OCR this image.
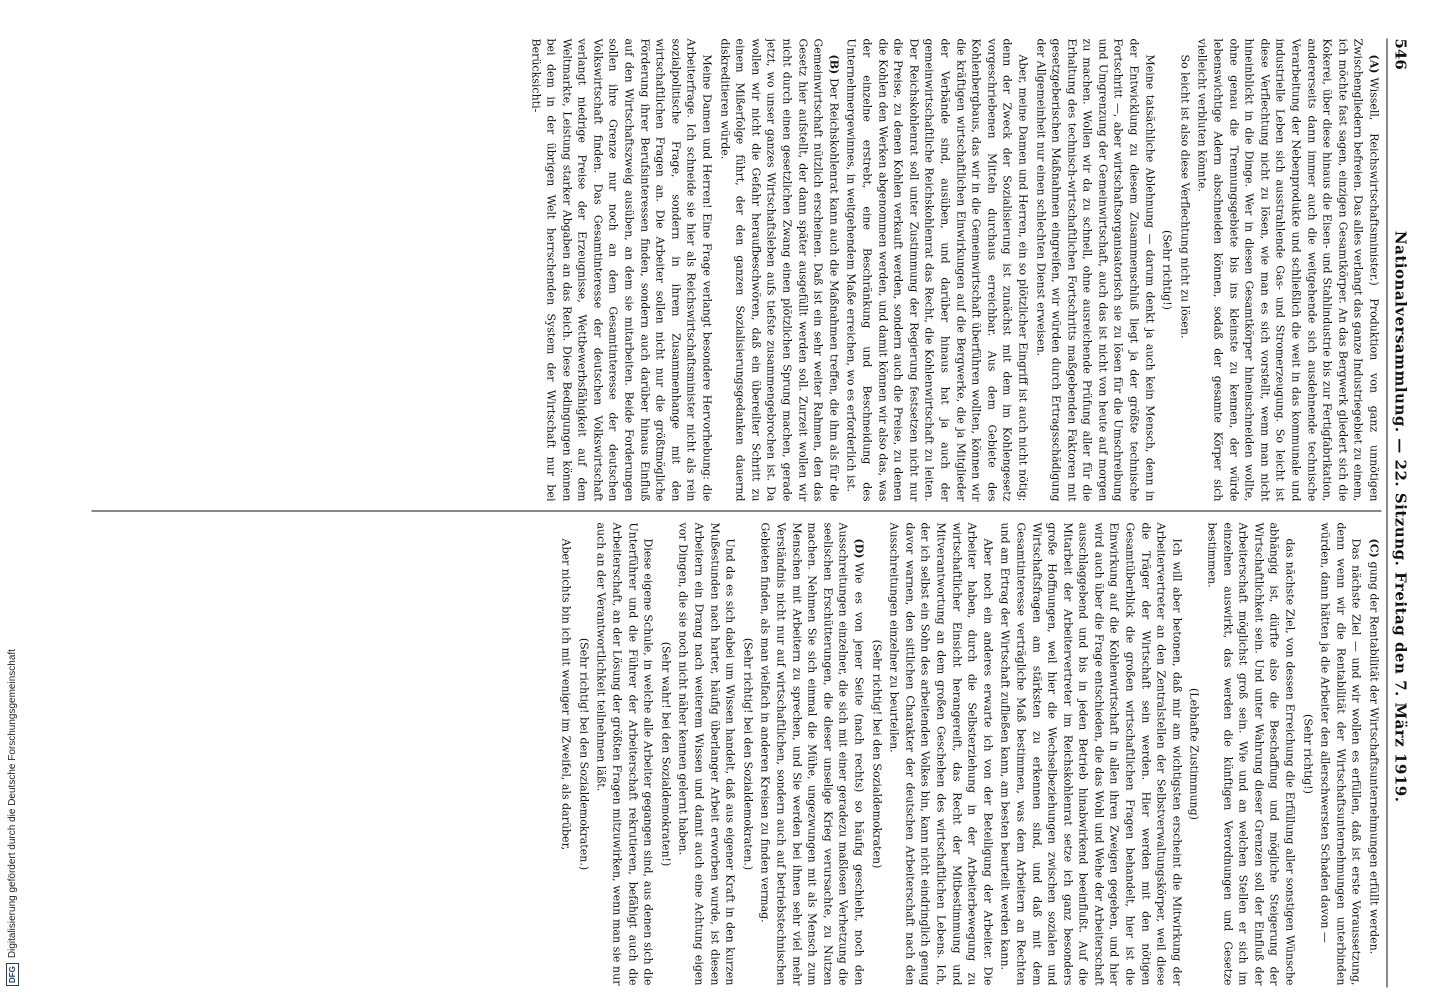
DFG
Digitalisierung gefördert durch die Deutsche Forschungsgemeinschaft
546
Nationalversammlung. — 22. Sitzung. Freitag den 7. März 1919.

(A)Wissell, Reichswirtschaftsminister.) Produktion von ganz unnötigen Zwischengliedern befreien. Das alles verlangt das ganze Industriegebiet zu einem, ich möchte fast sagen, einzigen Gesamtkörper. An das Bergwerk gliedert sich die Kokerei, über diese hinaus die Eisen- und Stahlindustrie bis zur Fertigfabrikation, andererseits dann immer auch die weitgehende sich ausdehnende technische Verarbeitung der Nebenprodukte und schließlich die weit in das kommunale und industrielle Leben sich ausstrahlende Gas- und Stromerzeugung. So leicht ist diese Verflechtung nicht zu lösen, wie man es sich vorstellt, wenn man nicht hineinblickt in die Dinge. Wer in diesen Gesamtkörper hineinschneiden wollte, ohne genau die Trennungsgebiete bis ins kleinste zu kennen, der würde lebenswichtige Adern abschneiden können, sodaß der gesamte Körper sich vielleicht verbluten könnte.

So leicht ist also diese Verflechtung nicht zu lösen.

(Sehr richtig!)

Meine tatsächliche Ablehnung — darum denkt ja auch kein Mensch, denn in der Entwicklung zu diesem Zusammenschluß liegt ja der größte technische Fortschritt —, aber wirtschaftsorganisatorisch sie zu lösen für die Umschreibung und Umgrenzung der Gemeinwirtschaft, auch das ist nicht von heute auf morgen zu machen. Wollen wir da zu schnell, ohne ausreichende Prüfung aller für die Erhaltung des technisch-wirtschaftlichen Fortschritts maßgebenden Faktoren mit gesetzgeberischen Maßnahmen eingreifen, wir würden durch Ertragsschädigung der Allgemeinheit nur einen schlechten Dienst erweisen.

Aber, meine Damen und Herren, ein so plötzlicher Eingriff ist auch nicht nötig; denn der Zweck der Sozialisierung ist zunächst mit dem im Kohlengesetz vorgeschriebenen Mitteln durchaus erreichbar. Aus dem Gebiete des Kohlenbergbaus, das wir in die Gemeinwirtschaft überführen wollten, können wir die kräftigen wirtschaftlichen Einwirkungen auf die Bergwerke, die ja Mitglieder der Verbände sind, ausüben, und darüber hinaus hat ja auch der gemeinwirtschaftliche Reichskohlenrat das Recht, die Kohlenwirtschaft zu leiten. Der Reichskohlenrat soll unter Zustimmung der Regierung festsetzen nicht nur die Preise, zu denen Kohlen verkauft werden, sondern auch die Preise, zu denen die Kohlen den Werken abgenommen werden, und damit können wir also das, was der einzelne erstrebt, eine Beschränkung und Beschneidung des Unternehmergewinnes, in weitgehendem Maße erreichen, wo es erforderlich ist.

(B)Der Reichskohlenrat kann auch die Maßnahmen treffen, die ihm als für die Gemeinwirtschaft nützlich erscheinen. Daß ist ein sehr weiter Rahmen, den das Gesetz hier aufstellt, der dann später ausgefüllt werden soll. Zurzeit wollen wir nicht durch einen gesetzlichen Zwang einen plötzlichen Sprung machen, gerade jetzt, wo unser ganzes Wirtschaftsleben aufs tiefste zusammengebrochen ist. Da wollen wir nicht die Gefahr heraufbeschwören, daß ein übereilter Schritt zu einem Mißerfolge führt, der den ganzen Sozialisierungsgedanken dauernd diskreditieren würde.

Meine Damen und Herren! Eine Frage verlangt besondere Hervorhebung: die Arbeiterfrage. Ich schneide sie hier als Reichswirtschaftsminister nicht als rein sozialpolitische Frage, sondern in ihrem Zusammenhange mit den wirtschaftlichen Fragen an. Die Arbeiter sollen nicht nur die größtmögliche Förderung ihrer Berufsinteressen finden, sondern auch darüber hinaus Einfluß auf den Wirtschaftszweig ausüben, an dem sie mitarbeiten. Beide Forderungen sollen ihre Grenze nur noch an dem Gesamtinteresse der deutschen Volkswirtschaft finden. Das Gesamtinteresse der deutschen Volkswirtschaft verlangt niedrige Preise der Erzeugnisse, Wettbewerbsfähigkeit auf dem Weltmarkte, Leistung starker Abgaben an das Reich. Diese Bedingungen können bei dem in der übrigen Welt herrschenden System der Wirtschaft nur bei Berücksichti-

(C)gung der Rentabilität der Wirtschaftsunternehmungen erfüllt werden.

Das nächste Ziel — und wir wollen es erfüllen, daß ist erste Voraussetzung, denn wenn wir die Rentabilität der Wirtschaftsunternehmungen unterbinden würden, dann hätten ja die Arbeiter den allerschwersten Schaden davon —

(Sehr richtig!)

das nächste Ziel, von dessen Erreichung die Erfüllung aller sonstigen Wünsche abhängig ist, dürfte also die Beschaffung und mögliche Steigerung der Wirtschaftlichkeit sein. Und unter Wahrung dieser Grenzen soll der Einfluß der Arbeiterschaft möglichst groß sein. Wie und an welchen Stellen er sich im einzelnen auswirkt, das werden die künftigen Verordnungen und Gesetze bestimmen.

(Lebhafte Zustimmung)

Ich will aber betonen, daß mir am wichtigsten erscheint die Mitwirkung der Arbeitervertreter an den Zentralstellen der Selbstverwaltungskörper, weil diese die Träger der Wirtschaft sein werden. Hier werden mit den nötigen Gesamtüberblick die großen wirtschaftlichen Fragen behandelt, hier ist die Einwirkung auf die Kohlenwirtschaft in allen ihren Zweigen gegeben, und hier wird auch über die Frage entschieden, die das Wohl und Wehe der Arbeiterschaft ausschlaggebend und bis in jeden Betrieb hinabwirkend beeinflußt. Auf die Mitarbeit der Arbeitervertreter im Reichskohlenrat setze ich ganz besonders große Hoffnungen, weil hier die Wechselbeziehungen zwischen sozialen und Wirtschaftsfragen am stärksten zu erkennen sind, und daß mit dem Gesamtinteresse verträgliche Maß bestimmen, was dem Arbeitern an Rechten und am Ertrag der Wirtschaft zufließen kann, am besten beurteilt werden kann.

Aber noch ein anderes erwarte ich von der Beteiligung der Arbeiter. Die Arbeiter haben, durch die Selbsterziehung in der Arbeiterbewegung zu wirtschaftlicher Einsicht herangereift, das Recht der Mitbestimmung und Mitverantwortung an dem großen Geschehen des wirtschaftlichen Lebens. Ich, der ich selbst ein Sohn des arbeitenden Volkes bin, kann nicht eindringlich genug davor warnen, den sittlichen Charakter der deutschen Arbeiterschaft nach den Ausschreitungen einzelner zu beurteilen.

(Sehr richtig! bei den Sozialdemokraten)

(D)Wie es von jener Seite (nach rechts) so häufig geschieht, noch den Ausschreitungen einzelner, die sich mit einer geradezu maßlosen Verhetzung die seelischen Erschütterungen, die dieser unselige Krieg verursachte, zu Nutzen machen. Nehmen Sie sich einmal die Mühe, ungezwungen mit als Mensch zum Menschen mit Arbeitern zu sprechen, und Sie werden bei ihnen sehr viel mehr Verständnis nicht nur auf wirtschaftlichen, sondern auch auf betriebstechnischen Gebieten finden, als man vielfach in anderen Kreisen zu finden vermag.

(Sehr richtig! bei den Sozialdemokraten.)

Und da es sich dabei um Wissen handelt, daß aus eigener Kraft in den kurzen Mußestunden nach harter, häufig überlanger Arbeit erworben wurde, ist diesen Arbeitern ein Drang nach weiterem Wissen und damit auch eine Achtung eigen vor Dingen, die sie noch nicht näher kennen gelernt haben.

(Sehr wahr! bei den Sozialdemokraten!)

Diese eigene Schule, in welche alle Arbeiter gegangen sind, aus denen sich die Unterführer und die Führer der Arbeiterschaft rekrutieren, befähigt auch die Arbeiterschaft, an der Lösung der größten Fragen mitzuwirken, wenn man sie nur auch an der Verantwortlichkeit teilnehmen läßt.

(Sehr richtig! bei den Sozialdemokraten.)

Aber nichts bin ich mit weniger im Zweifel, als darüber,
